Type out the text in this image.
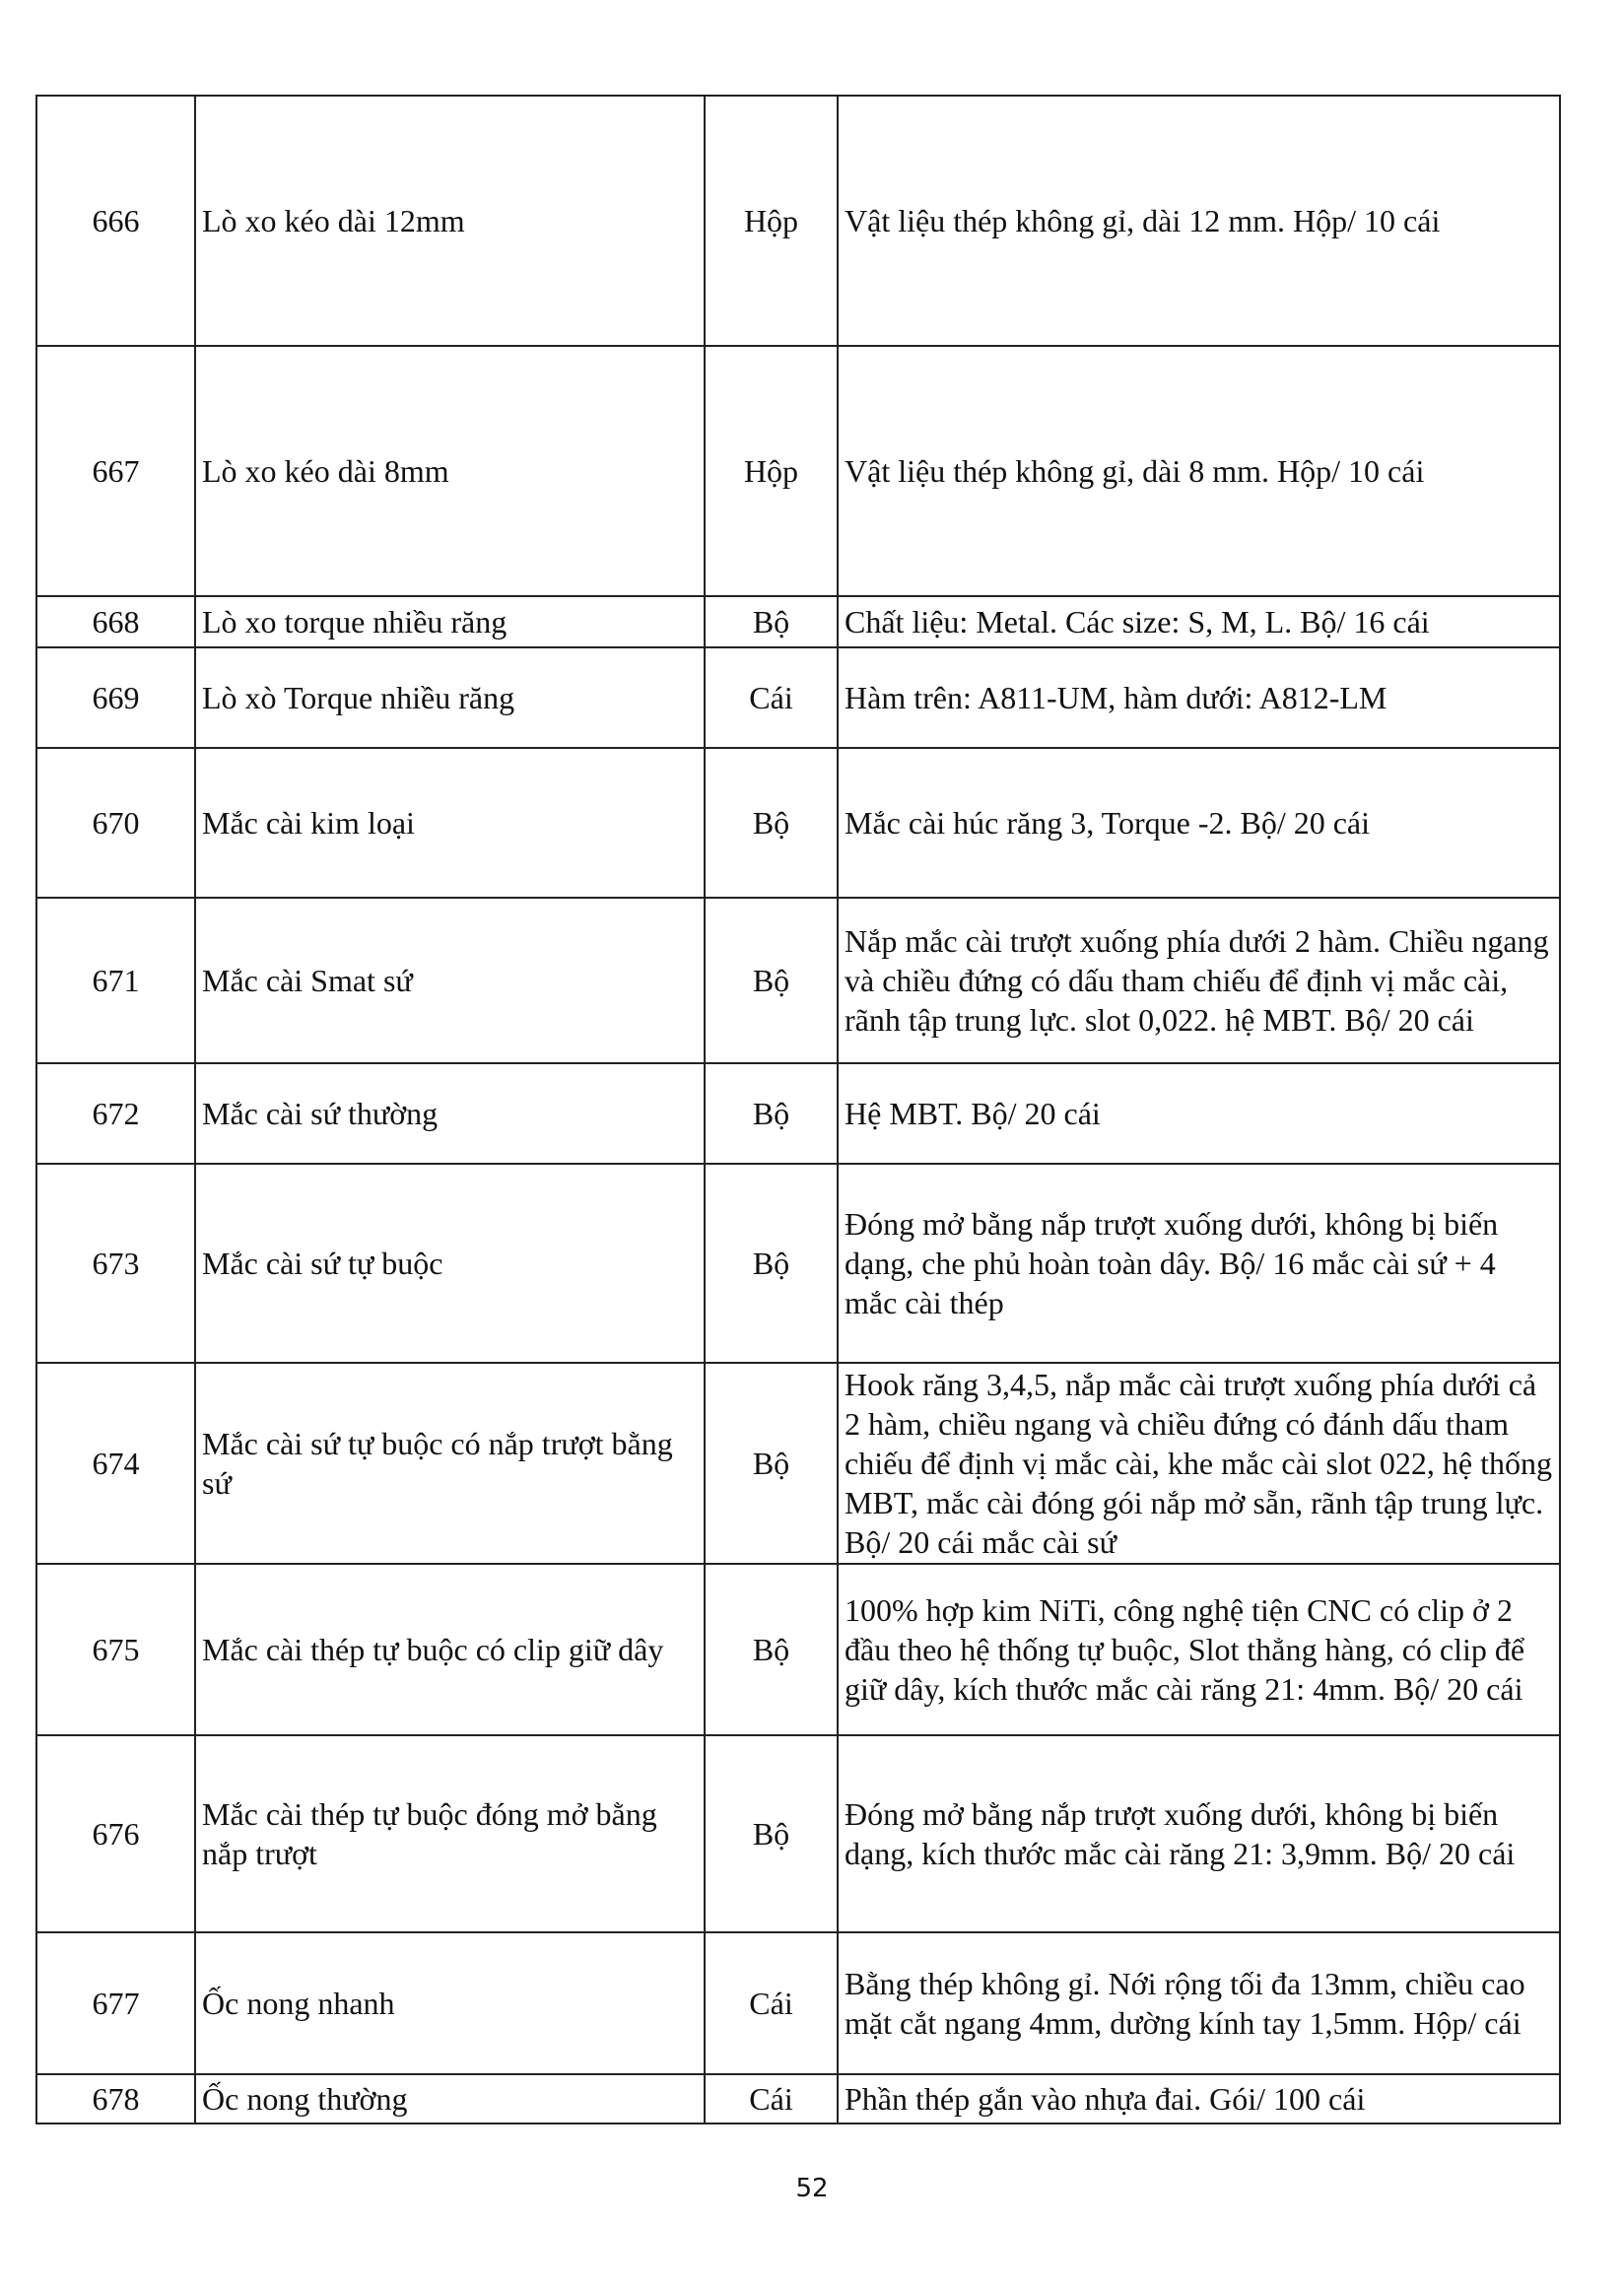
666	Lò xo kéo dài 12mm	Hộp	Vật liệu thép không gỉ, dài 12 mm. Hộp/ 10 cái
667	Lò xo kéo dài 8mm	Hộp	Vật liệu thép không gỉ, dài 8 mm. Hộp/ 10 cái
668	Lò xo torque nhiều răng	Bộ	Chất liệu: Metal. Các size: S, M, L. Bộ/ 16 cái
669	Lò xò Torque nhiều răng	Cái	Hàm trên: A811-UM, hàm dưới: A812-LM
670	Mắc cài kim loại	Bộ	Mắc cài húc răng 3, Torque -2. Bộ/ 20 cái
671	Mắc cài Smat sứ	Bộ	Nắp mắc cài trượt xuống phía dưới 2 hàm. Chiều ngang và chiều đứng có dấu tham chiếu để định vị mắc cài, rãnh tập trung lực. slot 0,022. hệ MBT. Bộ/ 20 cái
672	Mắc cài sứ thường	Bộ	Hệ MBT. Bộ/ 20 cái
673	Mắc cài sứ tự buộc	Bộ	Đóng mở bằng nắp trượt xuống dưới, không bị biến dạng, che phủ hoàn toàn dây. Bộ/ 16 mắc cài sứ + 4 mắc cài thép
674	Mắc cài sứ tự buộc có nắp trượt bằng sứ	Bộ	Hook răng 3,4,5, nắp mắc cài trượt xuống phía dưới cả 2 hàm, chiều ngang và chiều đứng có đánh dấu tham chiếu để định vị mắc cài, khe mắc cài slot 022, hệ thống MBT, mắc cài đóng gói nắp mở sẵn, rãnh tập trung lực. Bộ/ 20 cái mắc cài sứ
675	Mắc cài thép tự buộc có clip giữ dây	Bộ	100% hợp kim NiTi, công nghệ tiện CNC có clip ở 2 đầu theo hệ thống tự buộc, Slot thẳng hàng, có clip để giữ dây, kích thước mắc cài răng 21: 4mm. Bộ/ 20 cái
676	Mắc cài thép tự buộc đóng mở bằng nắp trượt	Bộ	Đóng mở bằng nắp trượt xuống dưới, không bị biến dạng, kích thước mắc cài răng 21: 3,9mm. Bộ/ 20 cái
677	Ốc nong nhanh	Cái	Bằng thép không gỉ. Nới rộng tối đa 13mm, chiều cao mặt cắt ngang 4mm, dường kính tay 1,5mm. Hộp/ cái
678	Ốc nong thường	Cái	Phần thép gắn vào nhựa đai. Gói/ 100 cái
52
